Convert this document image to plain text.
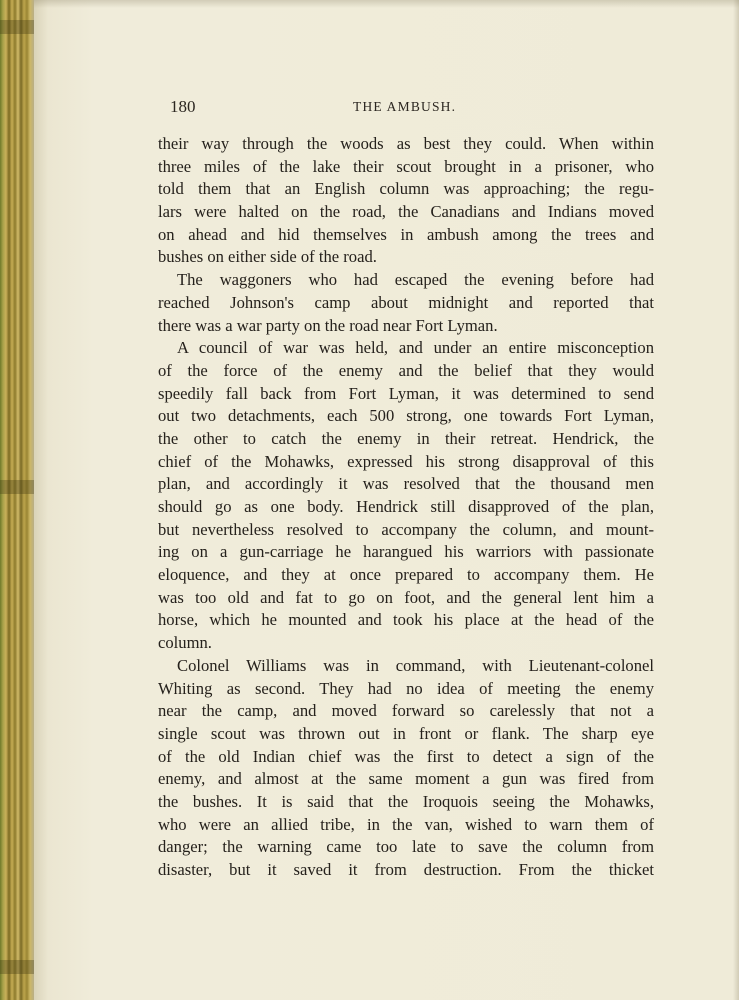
180	THE AMBUSH.
their way through the woods as best they could. When within
three miles of the lake their scout brought in a prisoner, who
told them that an English column was approaching; the regu-
lars were halted on the road, the Canadians and Indians moved
on ahead and hid themselves in ambush among the trees and
bushes on either side of the road.
The waggoners who had escaped the evening before had
reached Johnson's camp about midnight and reported that
there was a war party on the road near Fort Lyman.
A council of war was held, and under an entire misconception
of the force of the enemy and the belief that they would
speedily fall back from Fort Lyman, it was determined to send
out two detachments, each 500 strong, one towards Fort Lyman,
the other to catch the enemy in their retreat. Hendrick, the
chief of the Mohawks, expressed his strong disapproval of this
plan, and accordingly it was resolved that the thousand men
should go as one body. Hendrick still disapproved of the plan,
but nevertheless resolved to accompany the column, and mount-
ing on a gun-carriage he harangued his warriors with passionate
eloquence, and they at once prepared to accompany them. He
was too old and fat to go on foot, and the general lent him a
horse, which he mounted and took his place at the head of the
column.
Colonel Williams was in command, with Lieutenant-colonel
Whiting as second. They had no idea of meeting the enemy
near the camp, and moved forward so carelessly that not a
single scout was thrown out in front or flank. The sharp eye
of the old Indian chief was the first to detect a sign of the
enemy, and almost at the same moment a gun was fired from
the bushes. It is said that the Iroquois seeing the Mohawks,
who were an allied tribe, in the van, wished to warn them of
danger; the warning came too late to save the column from
disaster, but it saved it from destruction. From the thicket
